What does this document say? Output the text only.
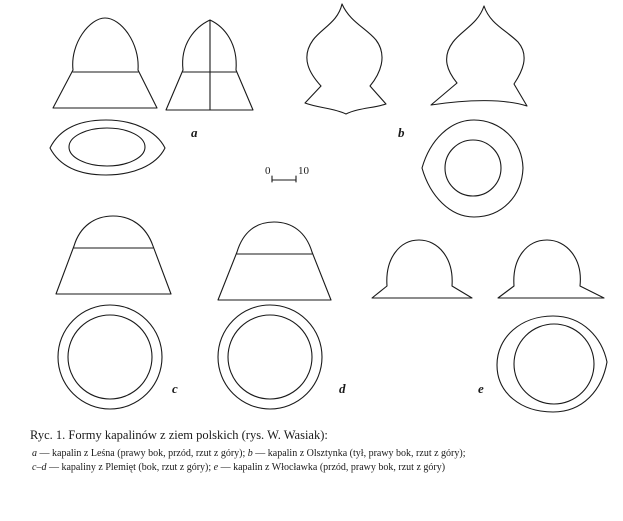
a	b
0	10
c	d	e
Ryc. 1. Formy kapalinów z ziem polskich (rys. W. Wasiak):
a — kapalin z Leśna (prawy bok, przód, rzut z góry); b — kapalin z Olsztynka (tył, prawy bok, rzut z góry);
c–d — kapaliny z Plemięt (bok, rzut z góry); e — kapalin z Włocławka (przód, prawy bok, rzut z góry)
